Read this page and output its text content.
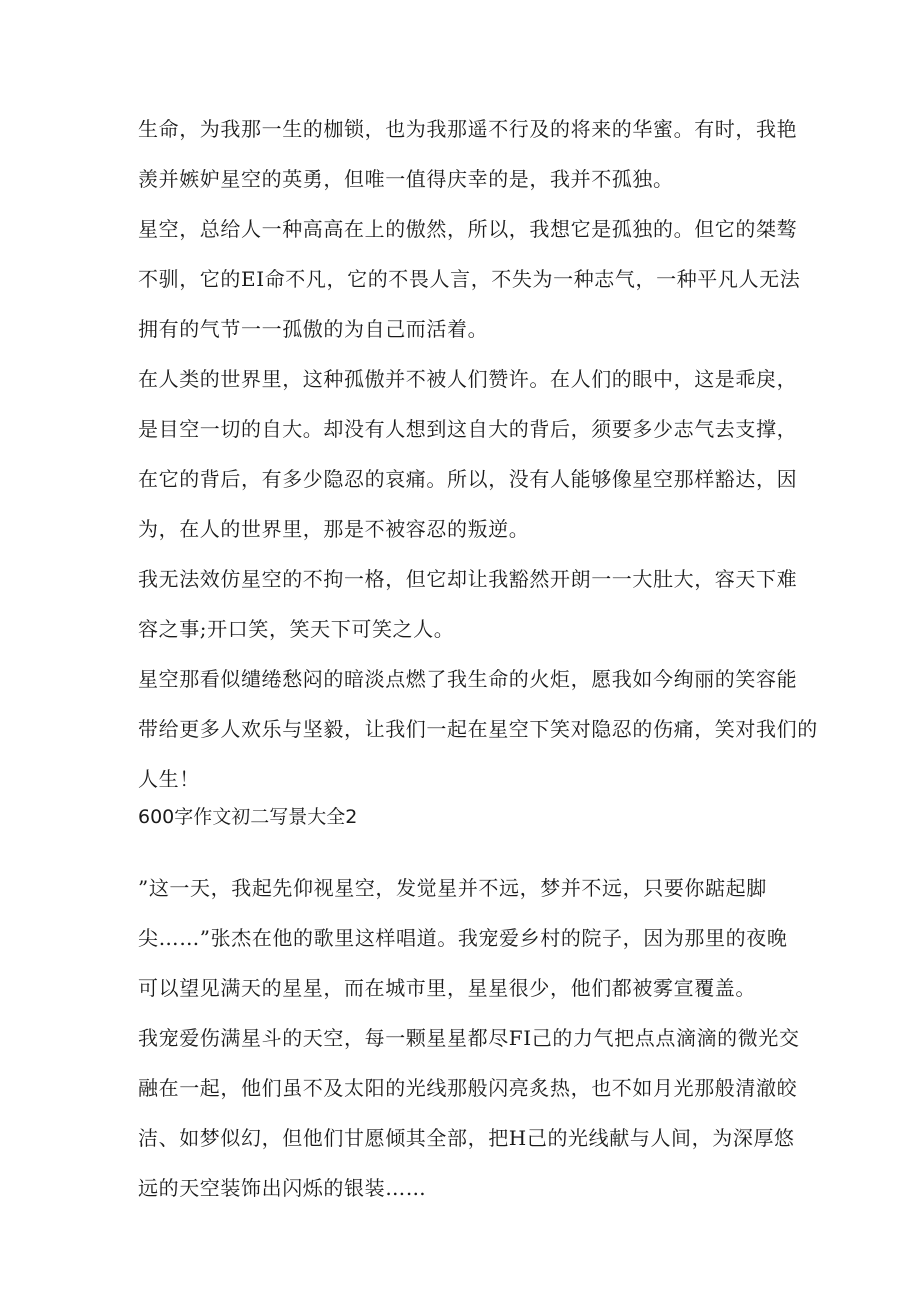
生命，为我那一生的枷锁，也为我那遥不行及的将来的华蜜。有时，我艳
羡并嫉妒星空的英勇，但唯一值得庆幸的是，我并不孤独。
星空，总给人一种高高在上的傲然，所以，我想它是孤独的。但它的桀骜
不驯，它的EI命不凡，它的不畏人言，不失为一种志气，一种平凡人无法
拥有的气节一一孤傲的为自己而活着。
在人类的世界里，这种孤傲并不被人们赞许。在人们的眼中，这是乖戾，
是目空一切的自大。却没有人想到这自大的背后，须要多少志气去支撑，
在它的背后，有多少隐忍的哀痛。所以，没有人能够像星空那样豁达，因
为，在人的世界里，那是不被容忍的叛逆。
我无法效仿星空的不拘一格，但它却让我豁然开朗一一大肚大，容天下难
容之事;开口笑，笑天下可笑之人。
星空那看似缱绻愁闷的暗淡点燃了我生命的火炬，愿我如今绚丽的笑容能
带给更多人欢乐与坚毅，让我们一起在星空下笑对隐忍的伤痛，笑对我们的
人生！
600字作文初二写景大全2
”这一天，我起先仰视星空，发觉星并不远，梦并不远，只要你踮起脚
尖……”张杰在他的歌里这样唱道。我宠爱乡村的院子，因为那里的夜晚
可以望见满天的星星，而在城市里，星星很少，他们都被雾宣覆盖。
我宠爱伤满星斗的天空，每一颗星星都尽FI己的力气把点点滴滴的微光交
融在一起，他们虽不及太阳的光线那般闪亮炙热，也不如月光那般清澈皎
洁、如梦似幻，但他们甘愿倾其全部，把H己的光线献与人间，为深厚悠
远的天空装饰出闪烁的银装……
